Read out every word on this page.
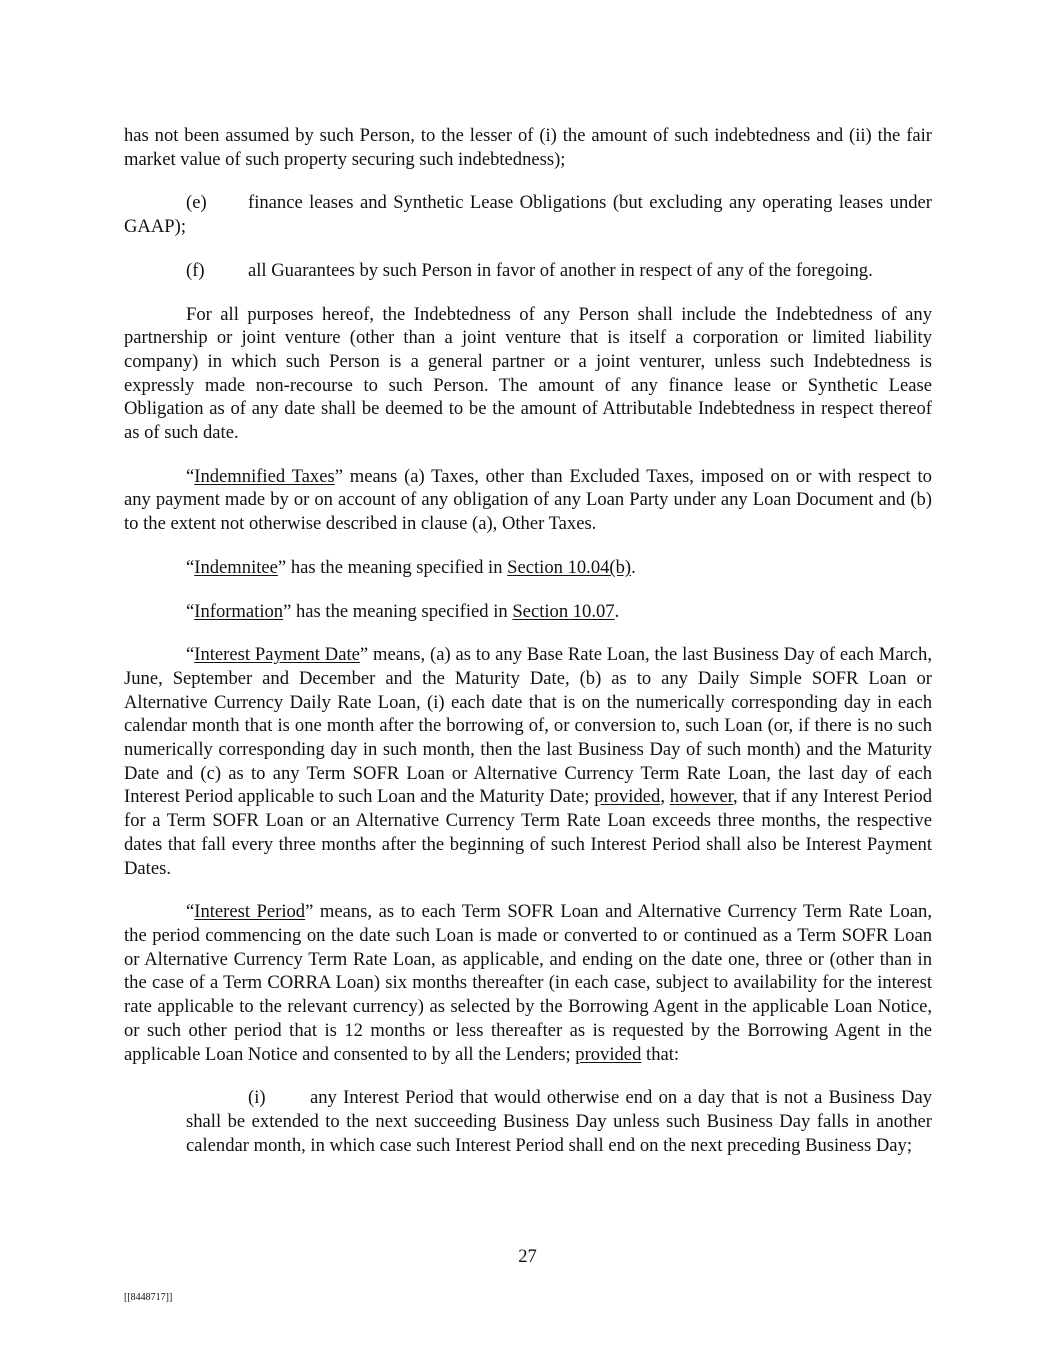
has not been assumed by such Person, to the lesser of (i) the amount of such indebtedness and (ii) the fair market value of such property securing such indebtedness);

(e) finance leases and Synthetic Lease Obligations (but excluding any operating leases under GAAP);

(f) all Guarantees by such Person in favor of another in respect of any of the foregoing.

For all purposes hereof, the Indebtedness of any Person shall include the Indebtedness of any partnership or joint venture (other than a joint venture that is itself a corporation or limited liability company) in which such Person is a general partner or a joint venturer, unless such Indebtedness is expressly made non-recourse to such Person. The amount of any finance lease or Synthetic Lease Obligation as of any date shall be deemed to be the amount of Attributable Indebtedness in respect thereof as of such date.

“Indemnified Taxes” means (a) Taxes, other than Excluded Taxes, imposed on or with respect to any payment made by or on account of any obligation of any Loan Party under any Loan Document and (b) to the extent not otherwise described in clause (a), Other Taxes.

“Indemnitee” has the meaning specified in Section 10.04(b).

“Information” has the meaning specified in Section 10.07.

“Interest Payment Date” means, (a) as to any Base Rate Loan, the last Business Day of each March, June, September and December and the Maturity Date, (b) as to any Daily Simple SOFR Loan or Alternative Currency Daily Rate Loan, (i) each date that is on the numerically corresponding day in each calendar month that is one month after the borrowing of, or conversion to, such Loan (or, if there is no such numerically corresponding day in such month, then the last Business Day of such month) and the Maturity Date and (c) as to any Term SOFR Loan or Alternative Currency Term Rate Loan, the last day of each Interest Period applicable to such Loan and the Maturity Date; provided, however, that if any Interest Period for a Term SOFR Loan or an Alternative Currency Term Rate Loan exceeds three months, the respective dates that fall every three months after the beginning of such Interest Period shall also be Interest Payment Dates.

“Interest Period” means, as to each Term SOFR Loan and Alternative Currency Term Rate Loan, the period commencing on the date such Loan is made or converted to or continued as a Term SOFR Loan or Alternative Currency Term Rate Loan, as applicable, and ending on the date one, three or (other than in the case of a Term CORRA Loan) six months thereafter (in each case, subject to availability for the interest rate applicable to the relevant currency) as selected by the Borrowing Agent in the applicable Loan Notice, or such other period that is 12 months or less thereafter as is requested by the Borrowing Agent in the applicable Loan Notice and consented to by all the Lenders; provided that:

(i) any Interest Period that would otherwise end on a day that is not a Business Day shall be extended to the next succeeding Business Day unless such Business Day falls in another calendar month, in which case such Interest Period shall end on the next preceding Business Day;

27
[[8448717]]
